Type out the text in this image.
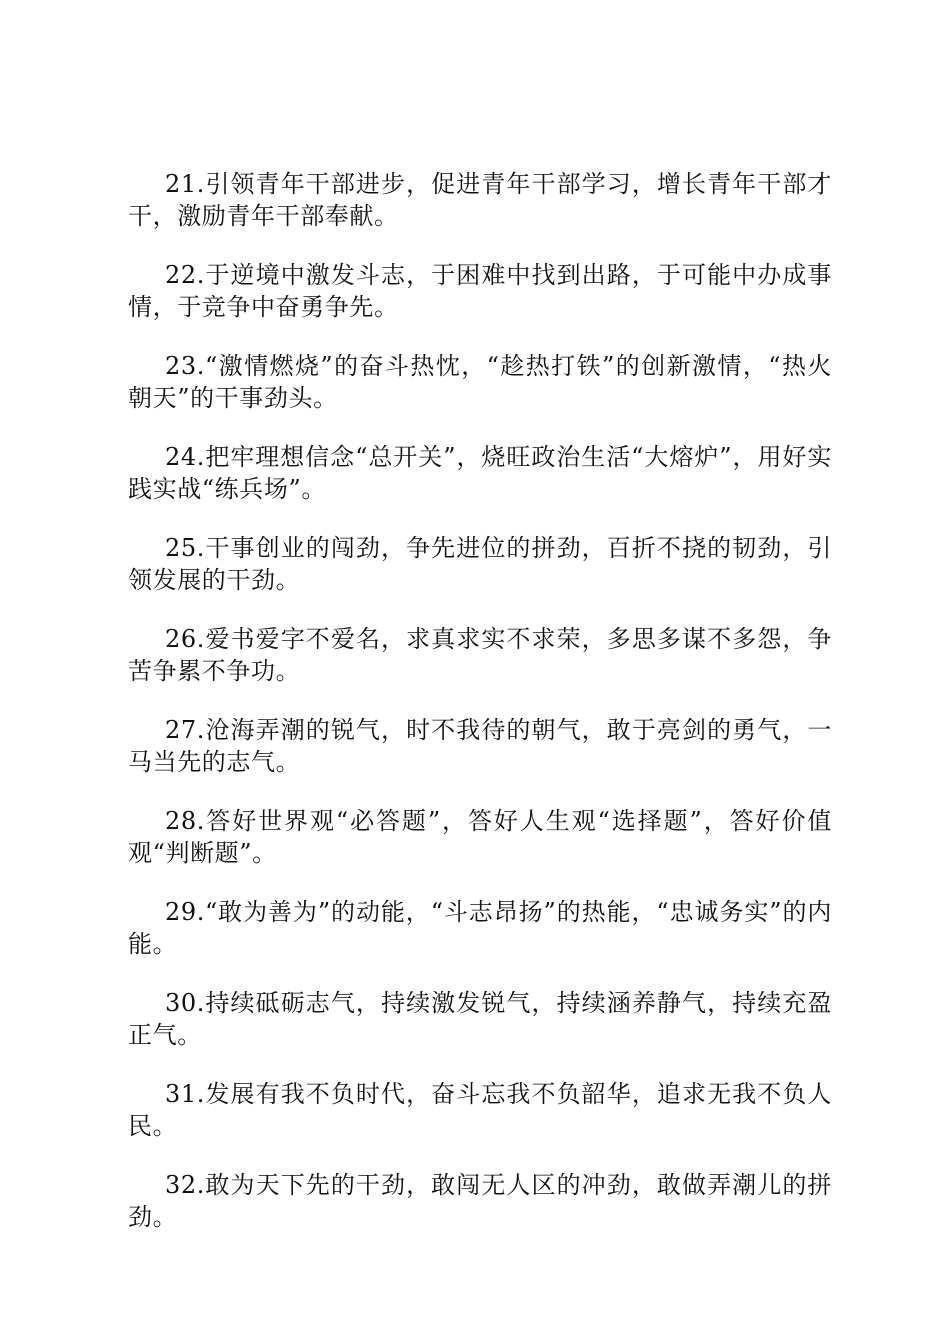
21.引领青年干部进步，促进青年干部学习，增长青年干部才干，激励青年干部奉献。

22.于逆境中激发斗志，于困难中找到出路，于可能中办成事情，于竞争中奋勇争先。

23.“激情燃烧”的奋斗热忱，“趁热打铁”的创新激情，“热火朝天”的干事劲头。

24.把牢理想信念“总开关”，烧旺政治生活“大熔炉”，用好实践实战“练兵场”。

25.干事创业的闯劲，争先进位的拼劲，百折不挠的韧劲，引领发展的干劲。

26.爱书爱字不爱名，求真求实不求荣，多思多谋不多怨，争苦争累不争功。

27.沧海弄潮的锐气，时不我待的朝气，敢于亮剑的勇气，一马当先的志气。

28.答好世界观“必答题”，答好人生观“选择题”，答好价值观“判断题”。

29.“敢为善为”的动能，“斗志昂扬”的热能，“忠诚务实”的内能。

30.持续砥砺志气，持续激发锐气，持续涵养静气，持续充盈正气。

31.发展有我不负时代，奋斗忘我不负韶华，追求无我不负人民。

32.敢为天下先的干劲，敢闯无人区的冲劲，敢做弄潮儿的拼劲。
